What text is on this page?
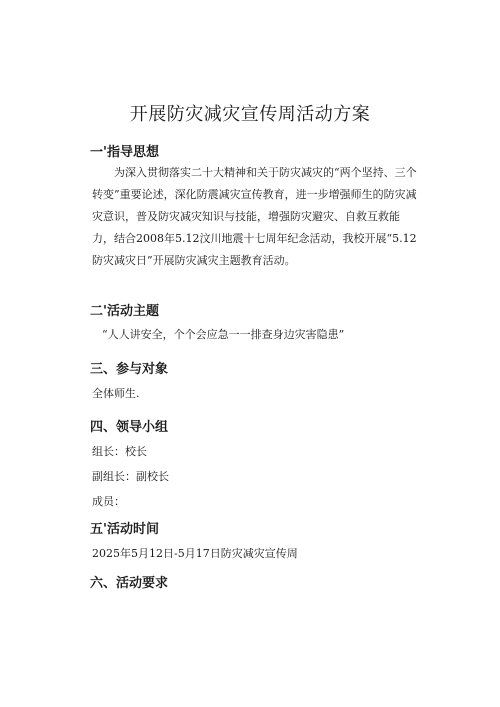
开展防灾减灾宣传周活动方案
一'指导思想
为深入贯彻落实二十大精神和关于防灾减灾的“两个坚持、三个转变”重要论述，深化防震减灾宣传教育，进一步增强师生的防灾减灾意识，普及防灾减灾知识与技能，增强防灾避灾、自救互救能力，结合2008年5.12汶川地震十七周年纪念活动，我校开展“5.12防灾减灾日”开展防灾减灾主题教育活动。
二'活动主题
“人人讲安全，个个会应急一一排查身边灾害隐患”
三、参与对象
全体师生.
四、领导小组
组长：校长
副组长：副校长
成员：
五'活动时间
2025年5月12日-5月17日防灾减灾宣传周
六、活动要求
